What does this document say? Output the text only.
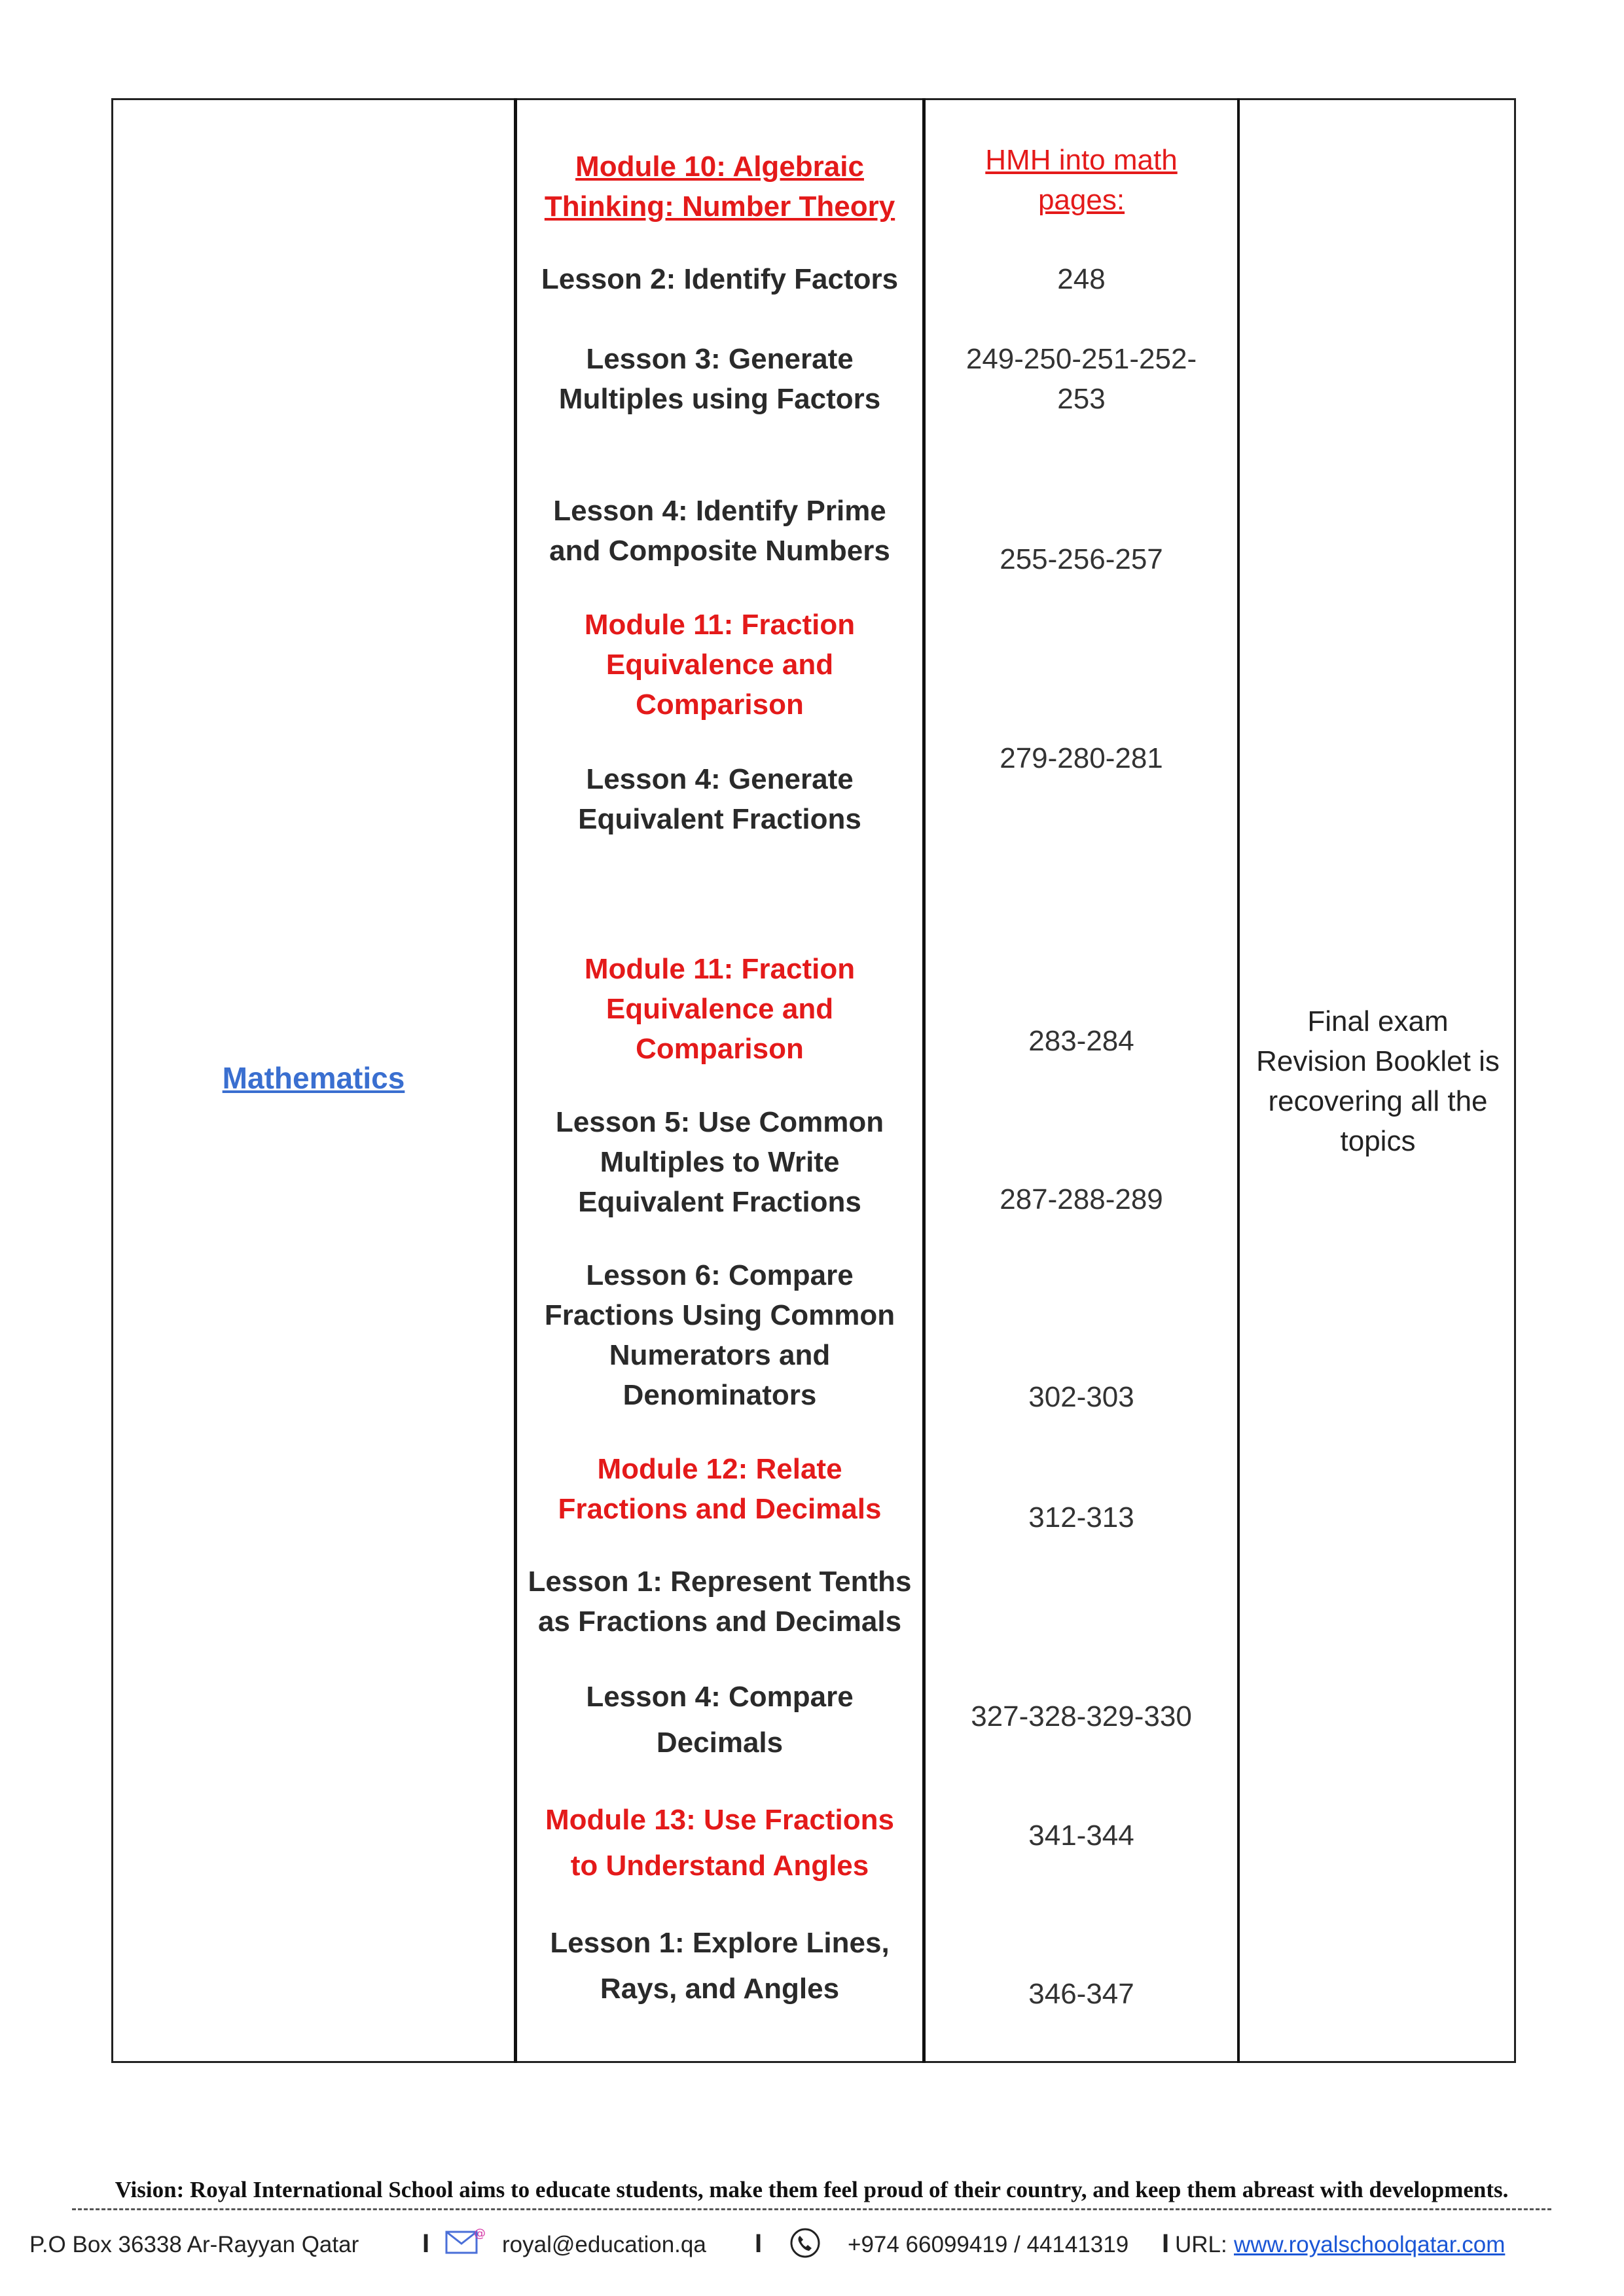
Mathematics
Module 10: Algebraic
Thinking: Number Theory
Lesson 2: Identify Factors
Lesson 3: Generate
Multiples using Factors
Lesson 4: Identify Prime
and Composite Numbers
Module 11: Fraction
Equivalence and
Comparison
Lesson 4: Generate
Equivalent Fractions
Module 11: Fraction
Equivalence and
Comparison
Lesson 5: Use Common
Multiples to Write
Equivalent Fractions
Lesson 6: Compare
Fractions Using Common
Numerators and
Denominators
Module 12: Relate
Fractions and Decimals
Lesson 1: Represent Tenths
as Fractions and Decimals
Lesson 4: Compare
Decimals
Module 13: Use Fractions
to Understand Angles
Lesson 1: Explore Lines,
Rays, and Angles
HMH into math
pages:
248
249-250-251-252-
253
255-256-257
279-280-281
283-284
287-288-289
302-303
312-313
327-328-329-330
341-344
346-347
Final exam
Revision Booklet is
recovering all the
topics
Vision: Royal International School aims to educate students, make them feel proud of their country, and keep them abreast with developments.
P.O Box 36338 Ar-Rayyan Qatar I	@ royal@education.qa I	+974 66099419 / 44141319 I URL: www.royalschoolqatar.com
